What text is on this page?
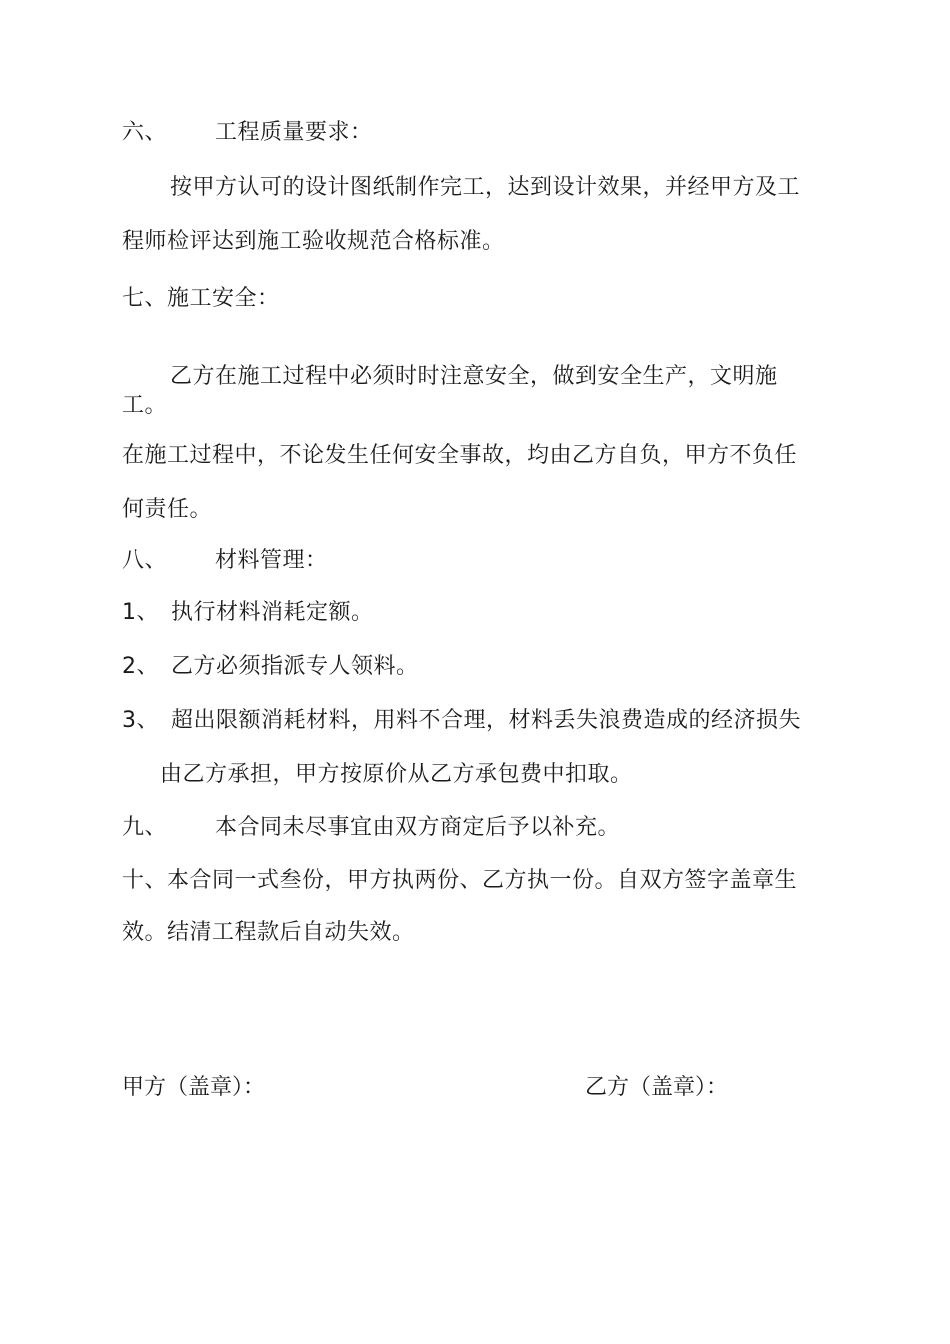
六、 工程质量要求：
按甲方认可的设计图纸制作完工，达到设计效果，并经甲方及工
程师检评达到施工验收规范合格标准。
七、施工安全：
乙方在施工过程中必须时时注意安全，做到安全生产，文明施
工。
在施工过程中，不论发生任何安全事故，均由乙方自负，甲方不负任
何责任。
八、 材料管理：
1、 执行材料消耗定额。
2、 乙方必须指派专人领料。
3、 超出限额消耗材料，用料不合理，材料丢失浪费造成的经济损失
由乙方承担，甲方按原价从乙方承包费中扣取。
九、 本合同未尽事宜由双方商定后予以补充。
十、本合同一式叁份，甲方执两份、乙方执一份。自双方签字盖章生
效。结清工程款后自动失效。
甲方（盖章）：	乙方（盖章）：
